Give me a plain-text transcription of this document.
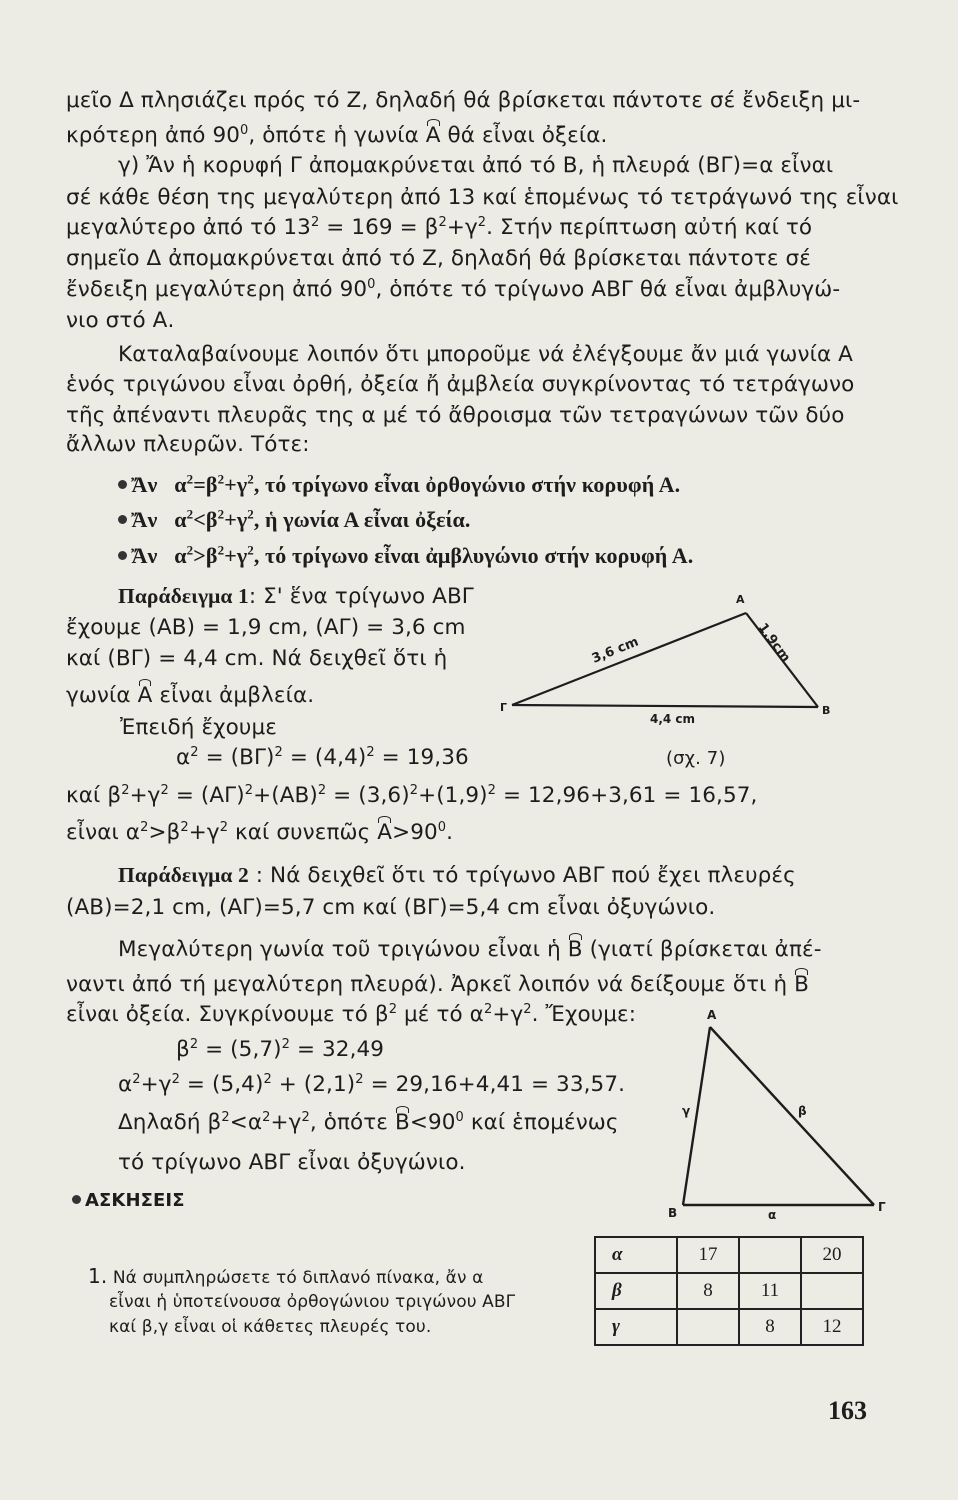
μεῖο Δ πλησιάζει πρός τό Ζ, δηλαδή θά βρίσκεται πάντοτε σέ ἔνδειξη μι-
κρότερη ἀπό $90^0$, ὁπότε ἡ γωνία Α θά εἶναι ὀξεία.
γ) Ἄν ἡ κορυφή Γ ἀπομακρύνεται ἀπό τό Β, ἡ πλευρά (ΒΓ)=α εἶναι
σέ κάθε θέση της μεγαλύτερη ἀπό 13 καί ἑπομένως τό τετράγωνό της εἶναι
μεγαλύτερο ἀπό τό $13^2 = 169 = \beta^2+\gamma^2$. Στήν περίπτωση αὐτή καί τό
σημεῖο Δ ἀπομακρύνεται ἀπό τό Ζ, δηλαδή θά βρίσκεται πάντοτε σέ
ἔνδειξη μεγαλύτερη ἀπό $90^0$, ὁπότε τό τρίγωνο ΑΒΓ θά εἶναι ἀμβλυγώ-
νιο στό Α.
Καταλαβαίνουμε λοιπόν ὅτι μποροῦμε νά ἐλέγξουμε ἄν μιά γωνία Α
ἑνός τριγώνου εἶναι ὀρθή, ὀξεία ἤ ἀμβλεία συγκρίνοντας τό τετράγωνο
τῆς ἀπέναντι πλευρᾶς της α μέ τό ἄθροισμα τῶν τετραγώνων τῶν δύο
ἄλλων πλευρῶν. Τότε:
Ἄν $\alpha^2=\beta^2+\gamma^2$, τό τρίγωνο εἶναι ὀρθογώνιο στήν κορυφή Α.
Ἄν $\alpha^2<\beta^2+\gamma^2$, ἡ γωνία Α εἶναι ὀξεία.
Ἄν $\alpha^2>\beta^2+\gamma^2$, τό τρίγωνο εἶναι ἀμβλυγώνιο στήν κορυφή Α.
Παράδειγμα 1: Σ' ἕνα τρίγωνο ΑΒΓ
ἔχουμε (ΑΒ) = 1,9 cm, (ΑΓ) = 3,6 cm
καί (ΒΓ) = 4,4 cm. Νά δειχθεῖ ὅτι ἡ
γωνία Α εἶναι ἀμβλεία.
Ἐπειδή ἔχουμε
$\alpha^2 = (B\Gamma)^2 = (4,4)^2 = 19,36$
καί $\beta^2+\gamma^2 = (A\Gamma)^2+(AB)^2 = (3,6)^2+(1,9)^2 = 12,96+3,61 = 16,57$,
εἶναι $\alpha^2>\beta^2+\gamma^2$ καί συνεπῶς $A>90^0$.
Α
Β
Γ
3,6 cm	1,9cm
4,4 cm
(σχ. 7)
Παράδειγμα 2 : Νά δειχθεῖ ὅτι τό τρίγωνο ΑΒΓ πού ἔχει πλευρές
(ΑΒ)=2,1 cm, (ΑΓ)=5,7 cm καί (ΒΓ)=5,4 cm εἶναι ὀξυγώνιο.
Μεγαλύτερη γωνία τοῦ τριγώνου εἶναι ἡ Β (γιατί βρίσκεται ἀπέ-
ναντι ἀπό τή μεγαλύτερη πλευρά). Ἀρκεῖ λοιπόν νά δείξουμε ὅτι ἡ Β
εἶναι ὀξεία. Συγκρίνουμε τό $\beta^2$ μέ τό $\alpha^2+\gamma^2$. Ἔχουμε:
$\beta^2 = (5,7)^2 = 32,49$
$\alpha^2+\gamma^2 = (5,4)^2 + (2,1)^2 = 29,16+4,41 = 33,57$.
Δηλαδή $\beta^2<\alpha^2+\gamma^2$, ὁπότε $B<90^0$ καί ἑπομένως
τό τρίγωνο ΑΒΓ εἶναι ὀξυγώνιο.
Α
Β	Γ
γ	β
α
ΑΣΚΗΣΕΙΣ
1. Νά συμπληρώσετε τό διπλανό πίνακα, ἄν α
εἶναι ἡ ὑποτείνουσα ὀρθογώνιου τριγώνου ΑΒΓ
καί β,γ εἶναι οἱ κάθετες πλευρές του.
α	17		20
β	8	11	
γ		8	12
163
